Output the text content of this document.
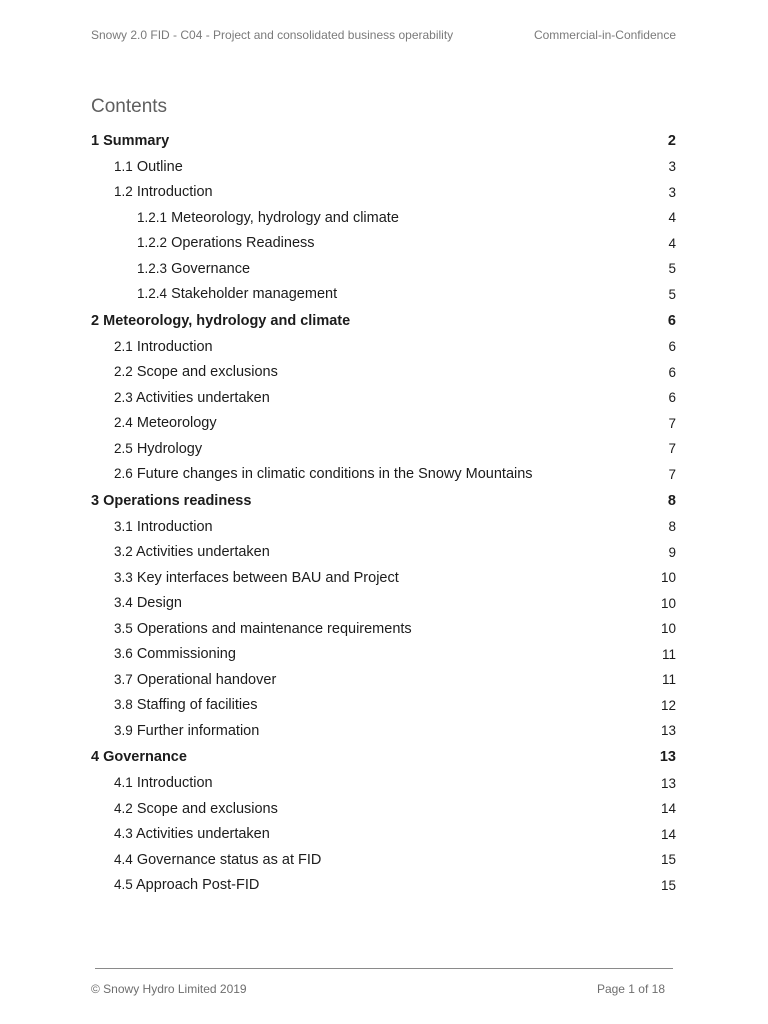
Snowy 2.0 FID - C04 - Project and consolidated business operability	Commercial-in-Confidence
Contents
1 Summary	2
1.1 Outline	3
1.2 Introduction	3
1.2.1 Meteorology, hydrology and climate	4
1.2.2 Operations Readiness	4
1.2.3 Governance	5
1.2.4 Stakeholder management	5
2 Meteorology, hydrology and climate	6
2.1 Introduction	6
2.2 Scope and exclusions	6
2.3 Activities undertaken	6
2.4 Meteorology	7
2.5 Hydrology	7
2.6 Future changes in climatic conditions in the Snowy Mountains	7
3 Operations readiness	8
3.1 Introduction	8
3.2 Activities undertaken	9
3.3 Key interfaces between BAU and Project	10
3.4 Design	10
3.5 Operations and maintenance requirements	10
3.6 Commissioning	11
3.7 Operational handover	11
3.8 Staffing of facilities	12
3.9 Further information	13
4 Governance	13
4.1 Introduction	13
4.2 Scope and exclusions	14
4.3 Activities undertaken	14
4.4 Governance status as at FID	15
4.5 Approach Post-FID	15
© Snowy Hydro Limited 2019	Page 1 of 18
